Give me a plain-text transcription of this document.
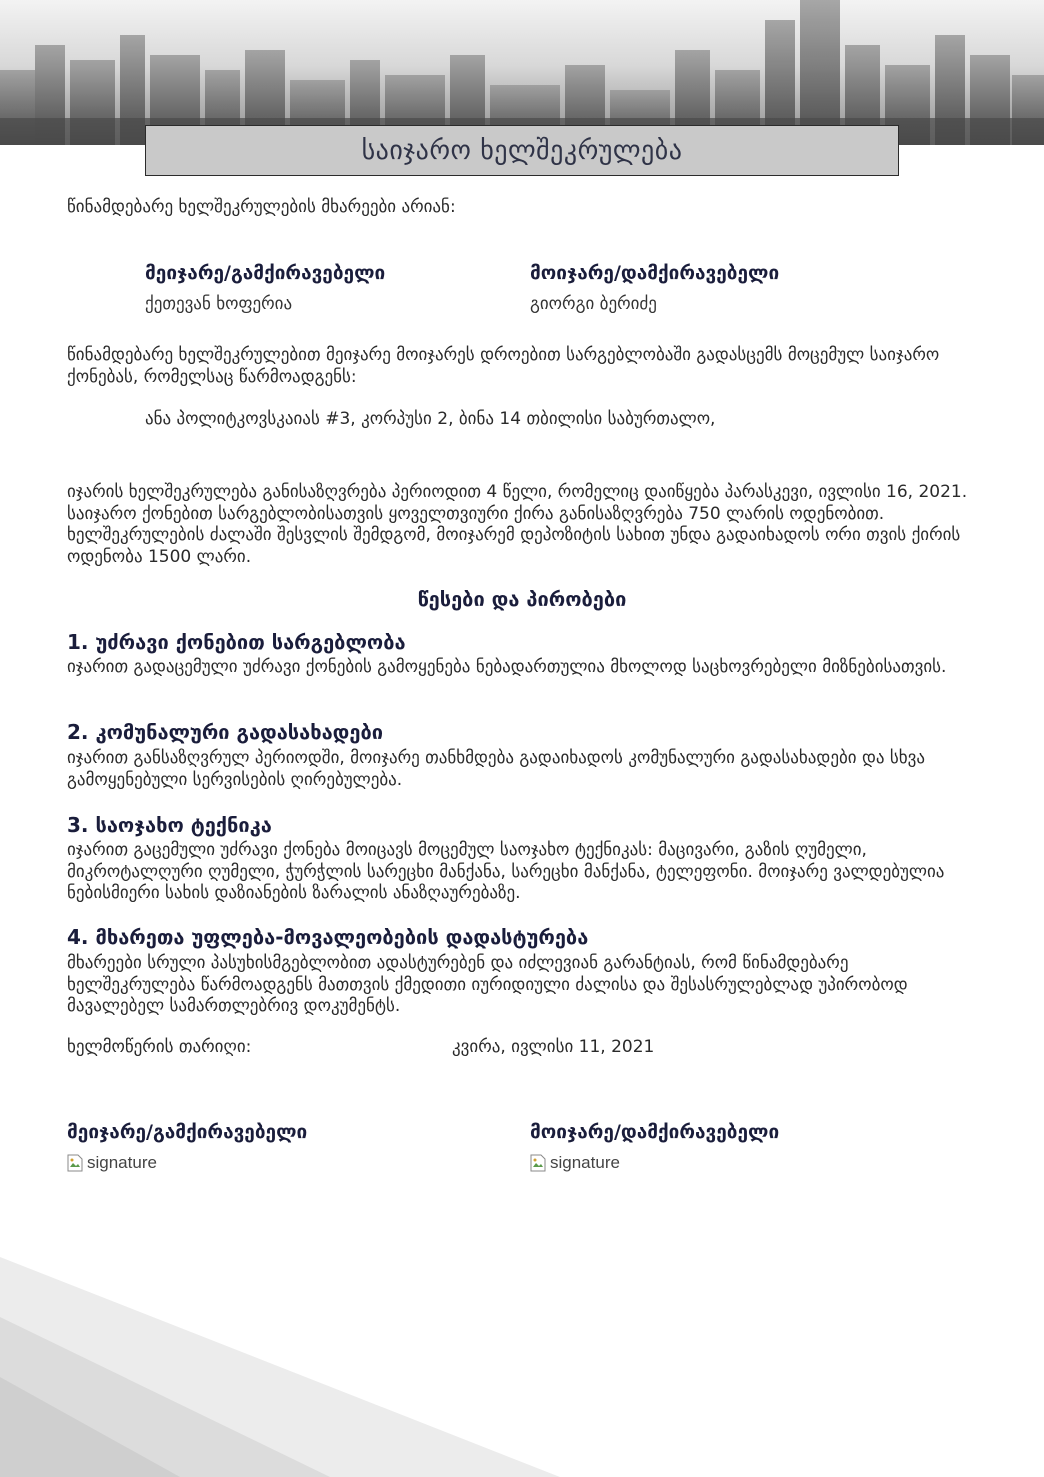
საიჯარო ხელშეკრულება
წინამდებარე ხელშეკრულების მხარეები არიან:
მეიჯარე/გამქირავებელი
ქეთევან ხოფერია
მოიჯარე/დამქირავებელი
გიორგი ბერიძე
წინამდებარე ხელშეკრულებით მეიჯარე მოიჯარეს დროებით სარგებლობაში გადასცემს მოცემულ საიჯარო ქონებას, რომელსაც წარმოადგენს:
ანა პოლიტკოვსკაიას #3, კორპუსი 2, ბინა 14 თბილისი საბურთალო,
იჯარის ხელშეკრულება განისაზღვრება პერიოდით 4 წელი, რომელიც დაიწყება პარასკევი, ივლისი 16, 2021. საიჯარო ქონებით სარგებლობისათვის ყოველთვიური ქირა განისაზღვრება 750 ლარის ოდენობით. ხელშეკრულების ძალაში შესვლის შემდგომ, მოიჯარემ დეპოზიტის სახით უნდა გადაიხადოს ორი თვის ქირის ოდენობა 1500 ლარი.
წესები და პირობები
1. უძრავი ქონებით სარგებლობა
იჯარით გადაცემული უძრავი ქონების გამოყენება ნებადართულია მხოლოდ საცხოვრებელი მიზნებისათვის.
2. კომუნალური გადასახადები
იჯარით განსაზღვრულ პერიოდში, მოიჯარე თანხმდება გადაიხადოს კომუნალური გადასახადები და სხვა გამოყენებული სერვისების ღირებულება.
3. საოჯახო ტექნიკა
იჯარით გაცემული უძრავი ქონება მოიცავს მოცემულ საოჯახო ტექნიკას: მაცივარი, გაზის ღუმელი, მიკროტალღური ღუმელი, ჭურჭლის სარეცხი მანქანა, სარეცხი მანქანა, ტელეფონი. მოიჯარე ვალდებულია ნებისმიერი სახის დაზიანების ზარალის ანაზღაურებაზე.
4. მხარეთა უფლება-მოვალეობების დადასტურება
მხარეები სრული პასუხისმგებლობით ადასტურებენ და იძლევიან გარანტიას, რომ წინამდებარე ხელშეკრულება წარმოადგენს მათთვის ქმედითი იურიდიული ძალისა და შესასრულებლად უპირობოდ მავალებელ სამართლებრივ დოკუმენტს.
ხელმოწერის თარიღი:	კვირა, ივლისი 11, 2021
მეიჯარე/გამქირავებელი
signature
მოიჯარე/დამქირავებელი
signature
